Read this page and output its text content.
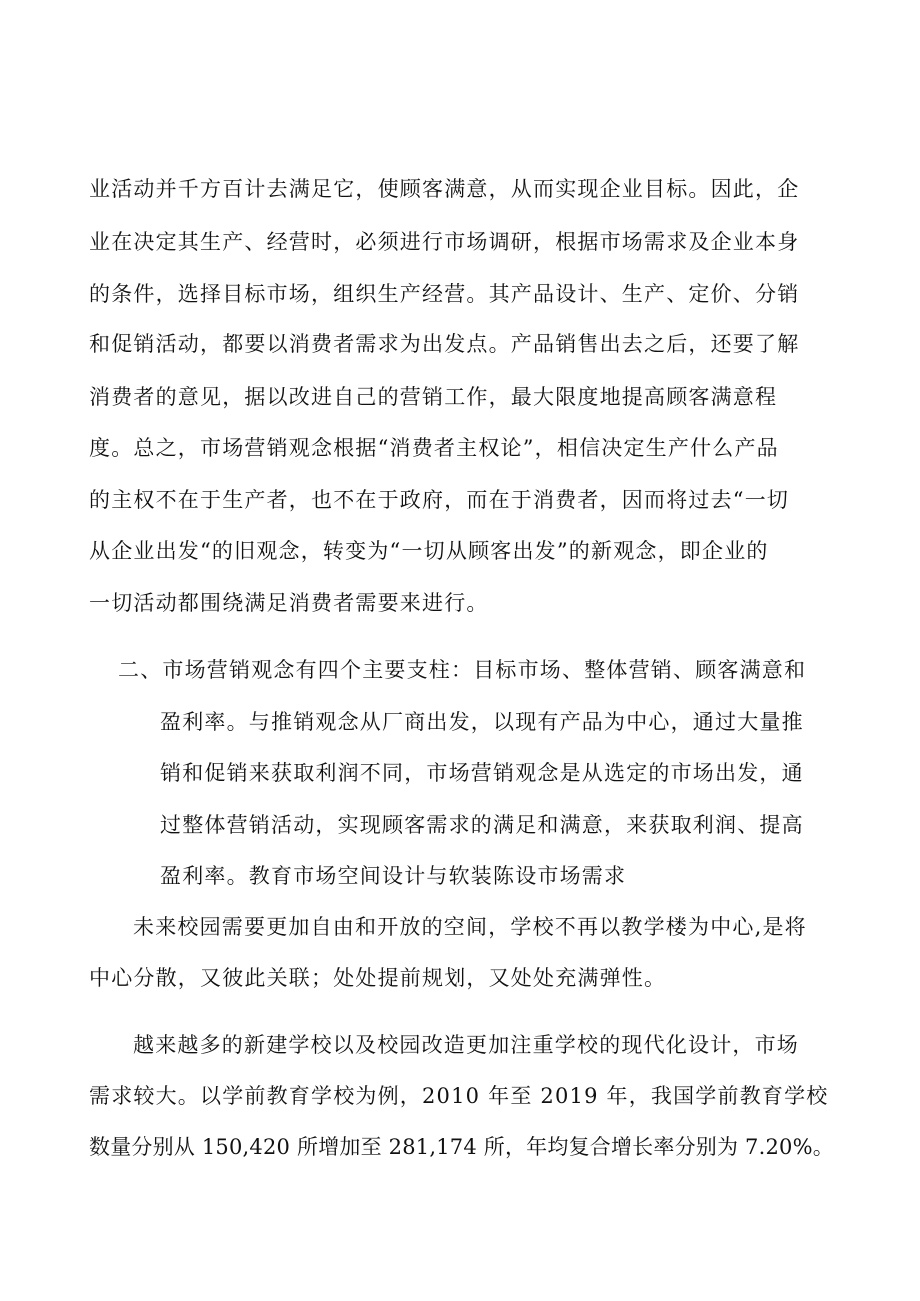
业活动并千方百计去满足它，使顾客满意，从而实现企业目标。因此，企
业在决定其生产、经营时，必须进行市场调研，根据市场需求及企业本身
的条件，选择目标市场，组织生产经营。其产品设计、生产、定价、分销
和促销活动，都要以消费者需求为出发点。产品销售出去之后，还要了解
消费者的意见，据以改进自己的营销工作，最大限度地提高顾客满意程
度。总之，市场营销观念根据“消费者主权论”，相信决定生产什么产品
的主权不在于生产者，也不在于政府，而在于消费者，因而将过去“一切
从企业出发“的旧观念，转变为“一切从顾客出发”的新观念，即企业的
一切活动都围绕满足消费者需要来进行。
二、市场营销观念有四个主要支柱：目标市场、整体营销、顾客满意和
盈利率。与推销观念从厂商出发，以现有产品为中心，通过大量推
销和促销来获取利润不同，市场营销观念是从选定的市场出发，通
过整体营销活动，实现顾客需求的满足和满意，来获取利润、提高
盈利率。教育市场空间设计与软装陈设市场需求
未来校园需要更加自由和开放的空间，学校不再以教学楼为中心,是将
中心分散，又彼此关联；处处提前规划，又处处充满弹性。
越来越多的新建学校以及校园改造更加注重学校的现代化设计，市场
需求较大。以学前教育学校为例，2010 年至 2019 年，我国学前教育学校
数量分别从 150,420 所增加至 281,174 所，年均复合增长率分别为 7.20%。
